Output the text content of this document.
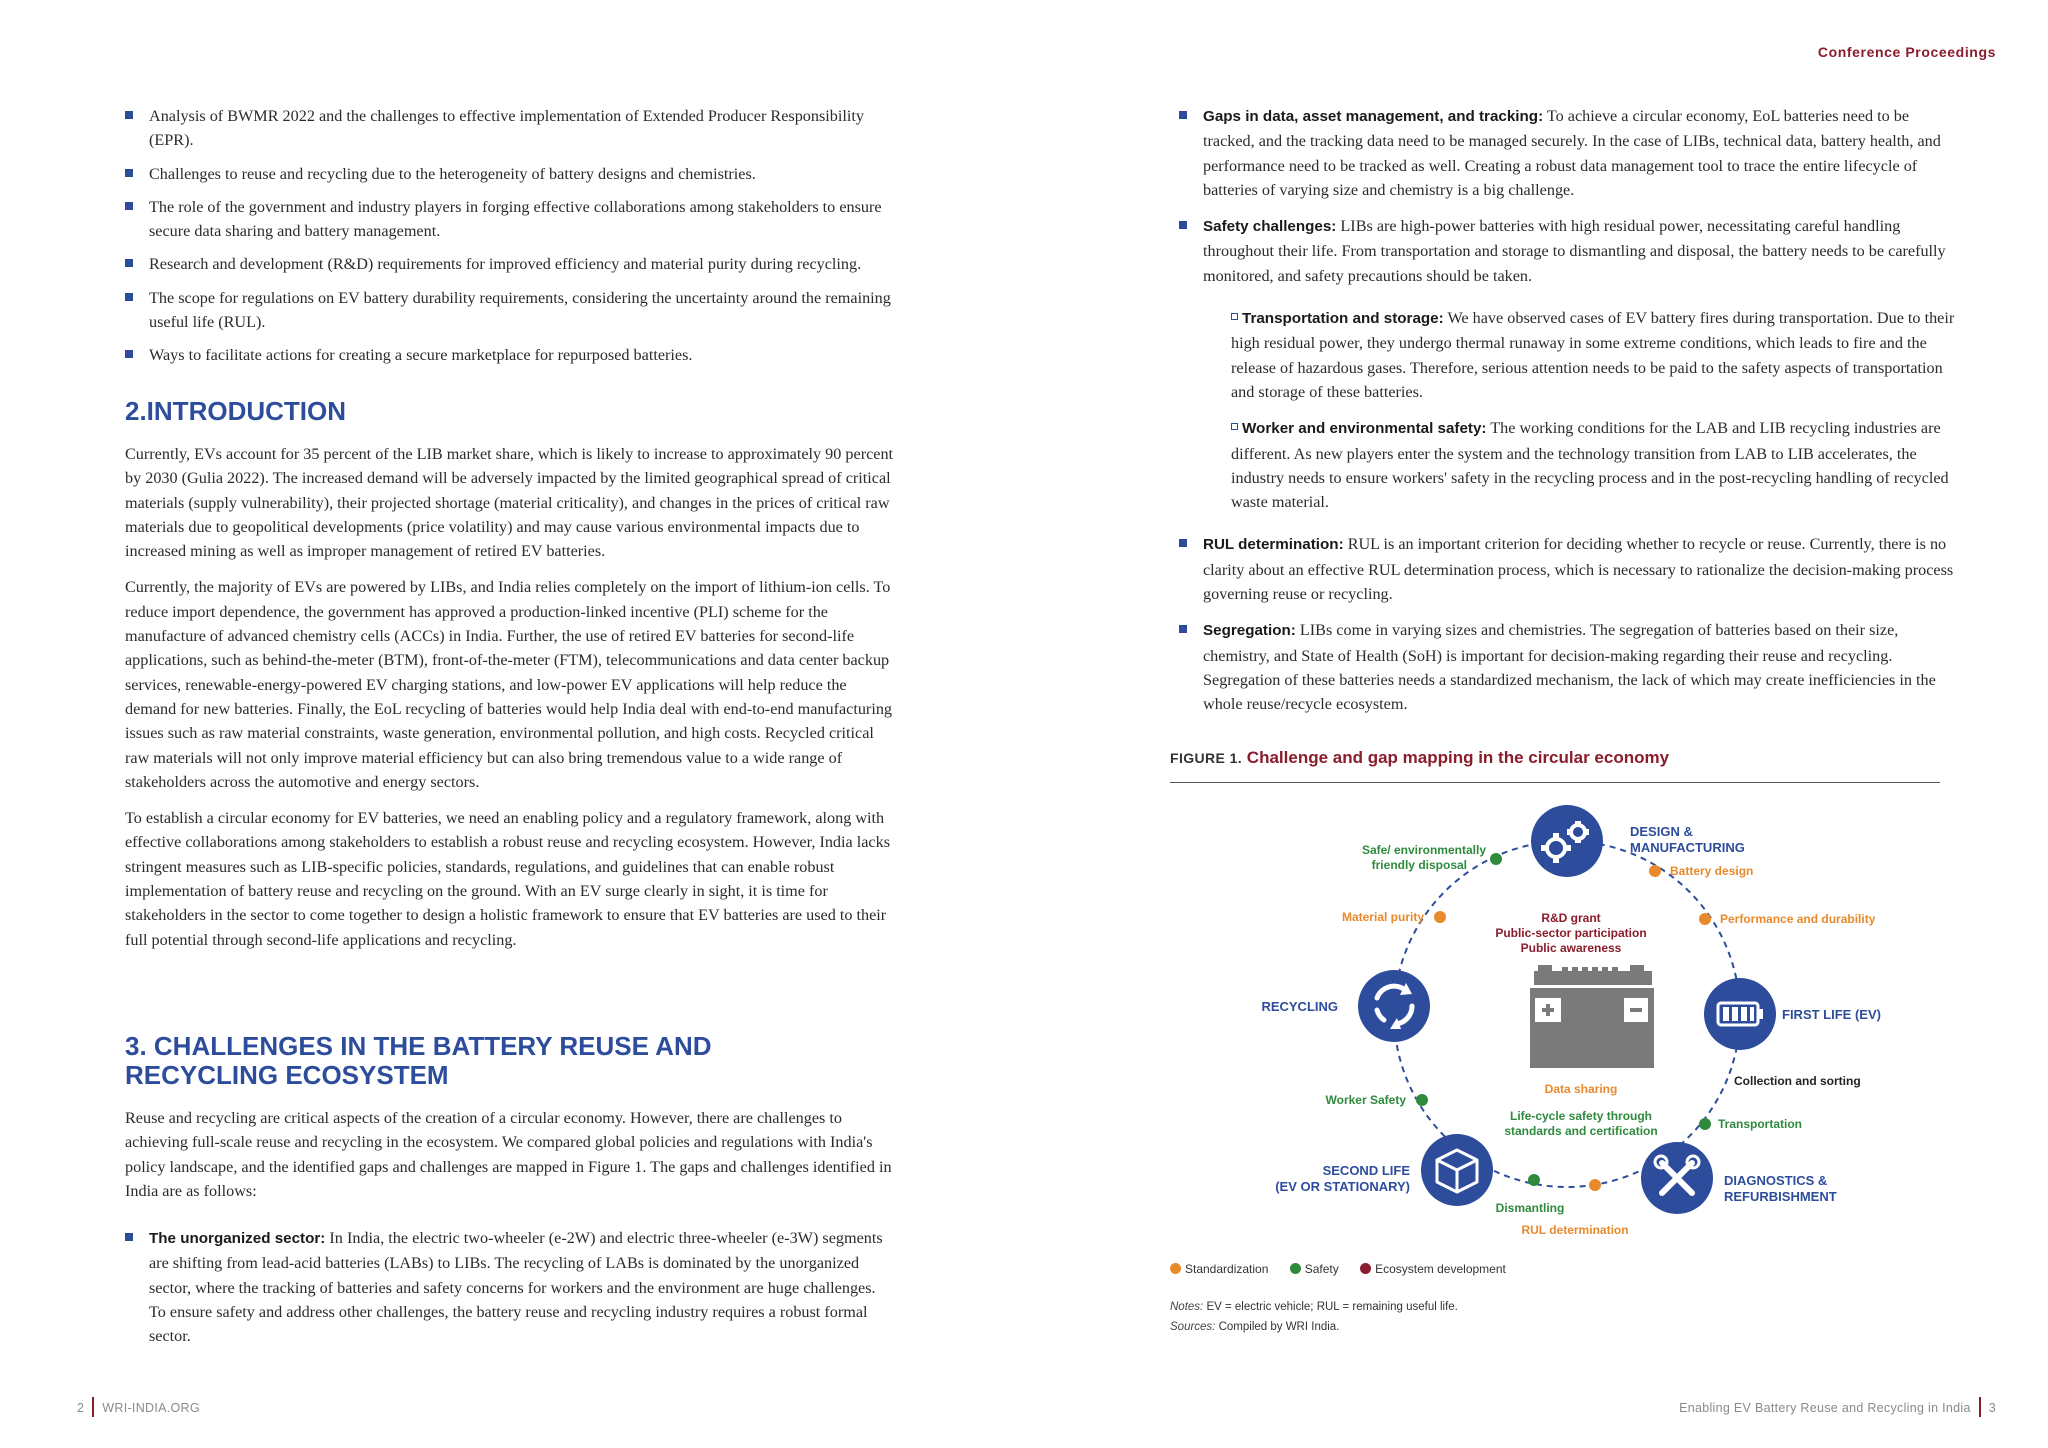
Analysis of BWMR 2022 and the challenges to effective implementation of Extended Producer Responsibility (EPR).
Challenges to reuse and recycling due to the heterogeneity of battery designs and chemistries.
The role of the government and industry players in forging effective collaborations among stakeholders to ensure secure data sharing and battery management.
Research and development (R&D) requirements for improved efficiency and material purity during recycling.
The scope for regulations on EV battery durability requirements, considering the uncertainty around the remaining useful life (RUL).
Ways to facilitate actions for creating a secure marketplace for repurposed batteries.
2.INTRODUCTION

Currently, EVs account for 35 percent of the LIB market share, which is likely to increase to approximately 90 percent by 2030 (Gulia 2022). The increased demand will be adversely impacted by the limited geographical spread of critical materials (supply vulnerability), their projected shortage (material criticality), and changes in the prices of critical raw materials due to geopolitical developments (price volatility) and may cause various environmental impacts due to increased mining as well as improper management of retired EV batteries.

Currently, the majority of EVs are powered by LIBs, and India relies completely on the import of lithium-ion cells. To reduce import dependence, the government has approved a production-linked incentive (PLI) scheme for the manufacture of advanced chemistry cells (ACCs) in India. Further, the use of retired EV batteries for second-life applications, such as behind-the-meter (BTM), front-of-the-meter (FTM), telecommunications and data center backup services, renewable-energy-powered EV charging stations, and low-power EV applications will help reduce the demand for new batteries. Finally, the EoL recycling of batteries would help India deal with end-to-end manufacturing issues such as raw material constraints, waste generation, environmental pollution, and high costs. Recycled critical raw materials will not only improve material efficiency but can also bring tremendous value to a wide range of stakeholders across the automotive and energy sectors.

To establish a circular economy for EV batteries, we need an enabling policy and a regulatory framework, along with effective collaborations among stakeholders to establish a robust reuse and recycling ecosystem. However, India lacks stringent measures such as LIB-specific policies, standards, regulations, and guidelines that can enable robust implementation of battery reuse and recycling on the ground. With an EV surge clearly in sight, it is time for stakeholders in the sector to come together to design a holistic framework to ensure that EV batteries are used to their full potential through second-life applications and recycling.

3. CHALLENGES IN THE BATTERY REUSE AND
RECYCLING ECOSYSTEM

Reuse and recycling are critical aspects of the creation of a circular economy. However, there are challenges to achieving full-scale reuse and recycling in the ecosystem. We compared global policies and regulations with India's policy landscape, and the identified gaps and challenges are mapped in Figure 1. The gaps and challenges identified in India are as follows:

The unorganized sector: In India, the electric two-wheeler (e-2W) and electric three-wheeler (e-3W) segments are shifting from lead-acid batteries (LABs) to LIBs. The recycling of LABs is dominated by the unorganized sector, where the tracking of batteries and safety concerns for workers and the environment are huge challenges. To ensure safety and address other challenges, the battery reuse and recycling industry requires a robust formal sector.
2 WRI-INDIA.ORG
Conference Proceedings
Gaps in data, asset management, and tracking: To achieve a circular economy, EoL batteries need to be tracked, and the tracking data need to be managed securely. In the case of LIBs, technical data, battery health, and performance need to be tracked as well. Creating a robust data management tool to trace the entire lifecycle of batteries of varying size and chemistry is a big challenge.
Safety challenges: LIBs are high-power batteries with high residual power, necessitating careful handling throughout their life. From transportation and storage to dismantling and disposal, the battery needs to be carefully monitored, and safety precautions should be taken.
Transportation and storage: We have observed cases of EV battery fires during transportation. Due to their high residual power, they undergo thermal runaway in some extreme conditions, which leads to fire and the release of hazardous gases. Therefore, serious attention needs to be paid to the safety aspects of transportation and storage of these batteries.
Worker and environmental safety: The working conditions for the LAB and LIB recycling industries are different. As new players enter the system and the technology transition from LAB to LIB accelerates, the industry needs to ensure workers' safety in the recycling process and in the post-recycling handling of recycled waste material.
RUL determination: RUL is an important criterion for deciding whether to recycle or reuse. Currently, there is no clarity about an effective RUL determination process, which is necessary to rationalize the decision-making process governing reuse or recycling.
Segregation: LIBs come in varying sizes and chemistries. The segregation of batteries based on their size, chemistry, and State of Health (SoH) is important for decision-making regarding their reuse and recycling. Segregation of these batteries needs a standardized mechanism, the lack of which may create inefficiencies in the whole reuse/recycle ecosystem.
FIGURE 1. Challenge and gap mapping in the circular economy
DESIGN &
MANUFACTURING
FIRST LIFE (EV)
DIAGNOSTICS &
REFURBISHMENT
SECOND LIFE
(EV OR STATIONARY)
RECYCLING
Battery design
Performance and durability
Collection and sorting
Transportation
Dismantling
RUL determination
Worker Safety
Material purity
Safe/ environmentally
friendly disposal
R&D grant
Public-sector participation
Public awareness
Data sharing
Life-cycle safety through
standards and certification
Standardization	Safety	Ecosystem development
Notes: EV = electric vehicle; RUL = remaining useful life.
Sources: Compiled by WRI India.
Enabling EV Battery Reuse and Recycling in India 3
